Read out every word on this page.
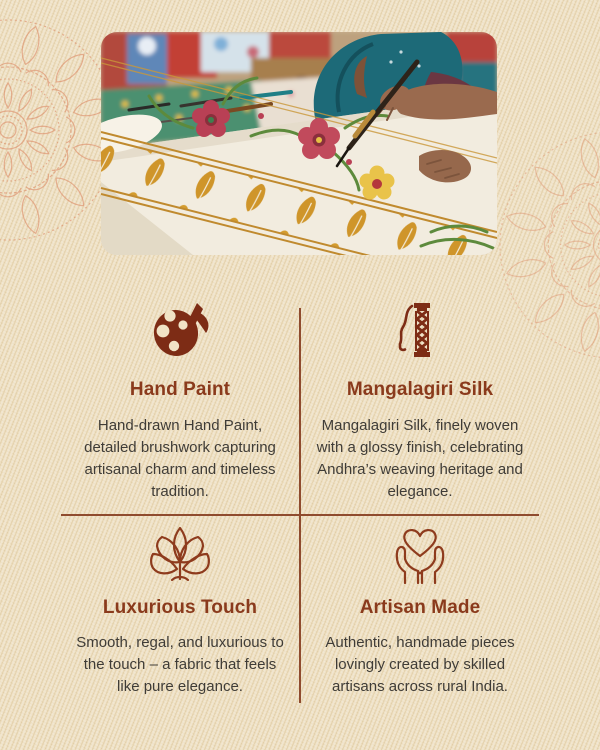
Hand Paint

Hand-drawn Hand Paint, detailed brushwork capturing artisanal charm and timeless tradition.

Mangalagiri Silk

Mangalagiri Silk, finely woven with a glossy finish, celebrating Andhra’s weaving heritage and elegance.

Luxurious Touch

Smooth, regal, and luxurious to the touch – a fabric that feels like pure elegance.

Artisan Made

Authentic, handmade pieces lovingly created by skilled artisans across rural India.
